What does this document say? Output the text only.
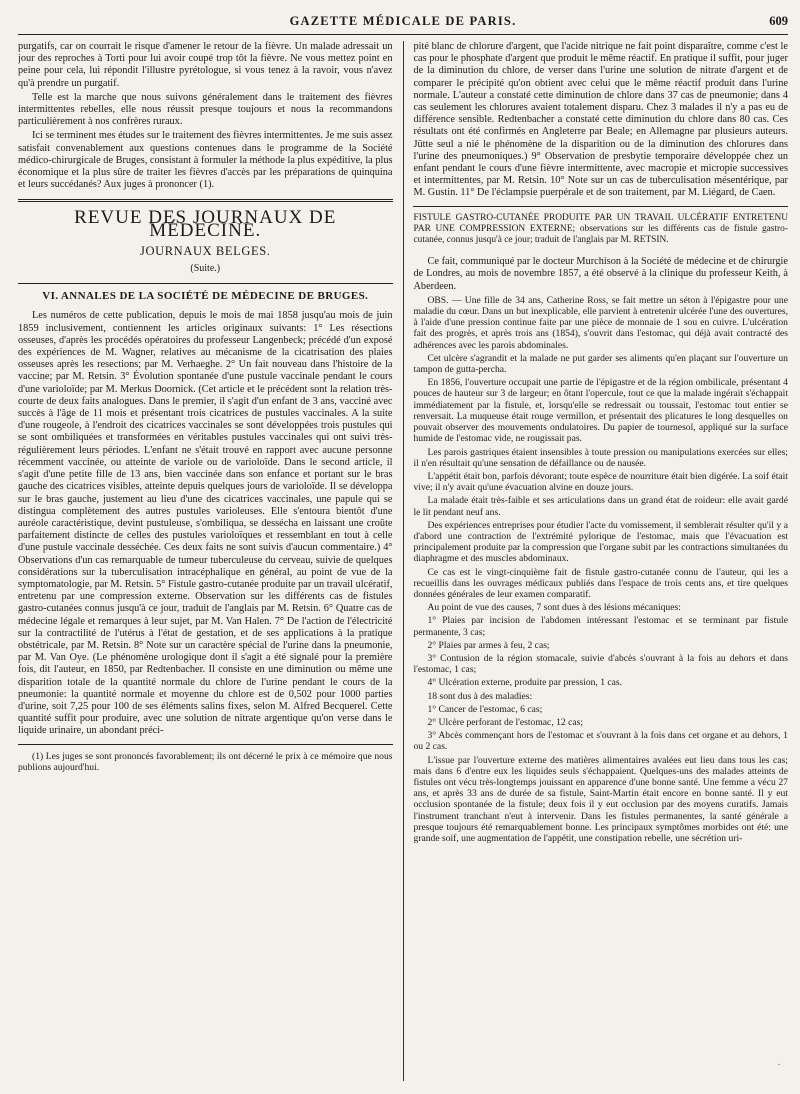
GAZETTE MÉDICALE DE PARIS.	609

purgatifs, car on courrait le risque d'amener le retour de la fièvre. Un malade adressait un jour des reproches à Torti pour lui avoir coupé trop tôt la fièvre. Ne vous mettez point en peine pour cela, lui répondit l'illustre pyrétologue, si vous tenez à la ravoir, vous n'avez qu'à prendre un purgatif.

Telle est la marche que nous suivons généralement dans le traitement des fièvres intermittentes rebelles, elle nous réussit presque toujours et nous la recommandons particulièrement à nos confrères ruraux.

Ici se terminent mes études sur le traitement des fièvres intermittentes. Je me suis assez satisfait convenablement aux questions contenues dans le programme de la Société médico-chirurgicale de Bruges, consistant à formuler la méthode la plus expéditive, la plus économique et la plus sûre de traiter les fièvres d'accès par les préparations de quinquina et leurs succédanés? Aux juges à prononcer (1).

REVUE DES JOURNAUX DE MÉDECINE.
JOURNAUX BELGES.
(Suite.)
VI. ANNALES DE LA SOCIÉTÉ DE MÉDECINE DE BRUGES.

Les numéros de cette publication, depuis le mois de mai 1858 jusqu'au mois de juin 1859 inclusivement, contiennent les articles originaux suivants: 1° Les résections osseuses, d'après les procédés opératoires du professeur Langenbeck; précédé d'un exposé des expériences de M. Wagner, relatives au mécanisme de la cicatrisation des plaies osseuses après les resections; par M. Verhaeghe. 2° Un fait nouveau dans l'histoire de la vaccine; par M. Retsin. 3° Évolution spontanée d'une pustule vaccinale pendant le cours d'une varioloïde; par M. Merkus Doornick. (Cet article et le précédent sont la relation très-courte de deux faits analogues. Dans le premier, il s'agit d'un enfant de 3 ans, vacciné avec succès à l'âge de 11 mois et présentant trois cicatrices de pustules vaccinales. A la suite d'une rougeole, à l'endroit des cicatrices vaccinales se sont développées trois pustules qui se sont ombiliquées et transformées en véritables pustules vaccinales qui ont suivi très-régulièrement leurs périodes. L'enfant ne s'était trouvé en rapport avec aucune personne récemment vaccinée, ou atteinte de variole ou de varioloïde. Dans le second article, il s'agit d'une petite fille de 13 ans, bien vaccinée dans son enfance et portant sur le bras gauche des cicatrices visibles, atteinte depuis quelques jours de varioloïde. Il se développa sur le bras gauche, justement au lieu d'une des cicatrices vaccinales, une papule qui se distingua complètement des autres pustules varioleuses. Elle s'entoura bientôt d'une auréole caractéristique, devint pustuleuse, s'ombiliqua, se dessécha en laissant une croûte parfaitement distincte de celles des pustules varioloïques et ressemblant en tout à celle d'une pustule vaccinale desséchée. Ces deux faits ne sont suivis d'aucun commentaire.) 4° Observations d'un cas remarquable de tumeur tuberculeuse du cerveau, suivie de quelques considérations sur la tuberculisation intracéphalique en général, au point de vue de la symptomatologie, par M. Retsin. 5° Fistule gastro-cutanée produite par un travail ulcératif, entretenu par une compression externe. Observation sur les différents cas de fistules gastro-cutanées connus jusqu'à ce jour, traduit de l'anglais par M. Retsin. 6° Quatre cas de médecine légale et remarques à leur sujet, par M. Van Halen. 7° De l'action de l'électricité sur la contractilité de l'utérus à l'état de gestation, et de ses applications à la pratique obstétricale, par M. Retsin. 8° Note sur un caractère spécial de l'urine dans la pneumonie, par M. Van Oye. (Le phénomène urologique dont il s'agit a été signalé pour la première fois, dit l'auteur, en 1850, par Redtenbacher. Il consiste en une diminution ou même une disparition totale de la quantité normale du chlore de l'urine pendant le cours de la pneumonie: la quantité normale et moyenne du chlore est de 0,502 pour 1000 parties d'urine, soit 7,25 pour 100 de ses éléments salins fixes, selon M. Alfred Becquerel. Cette quantité suffit pour produire, avec une solution de nitrate argentique qu'on verse dans le liquide urinaire, un abondant préci-

(1) Les juges se sont prononcés favorablement; ils ont décerné le prix à ce mémoire que nous publions aujourd'hui.

pité blanc de chlorure d'argent, que l'acide nitrique ne fait point disparaître, comme c'est le cas pour le phosphate d'argent que produit le même réactif. En pratique il suffit, pour juger de la diminution du chlore, de verser dans l'urine une solution de nitrate d'argent et de comparer le précipité qu'on obtient avec celui que le même réactif produit dans l'urine normale. L'auteur a constaté cette diminution de chlore dans 37 cas de pneumonie; dans 4 cas seulement les chlorures avaient totalement disparu. Chez 3 malades il n'y a pas eu de différence sensible. Redtenbacher a constaté cette diminution du chlore dans 80 cas. Ces résultats ont été confirmés en Angleterre par Beale; en Allemagne par plusieurs auteurs. Jütte seul a nié le phénomène de la disparition ou de la diminution des chlorures dans l'urine des pneumoniques.) 9° Observation de presbytie temporaire développée chez un enfant pendant le cours d'une fièvre intermittente, avec macropie et micropie successives et intermittentes, par M. Retsin. 10° Note sur un cas de tuberculisation mésentérique, par M. Gustin. 11° De l'éclampsie puerpérale et de son traitement, par M. Liégard, de Caen.

FISTULE GASTRO-CUTANÉE PRODUITE PAR UN TRAVAIL ULCÉRATIF ENTRETENU PAR UNE COMPRESSION EXTERNE; observations sur les différents cas de fistule gastro-cutanée, connus jusqu'à ce jour; traduit de l'anglais par M. RETSIN.

Ce fait, communiqué par le docteur Murchison à la Société de médecine et de chirurgie de Londres, au mois de novembre 1857, a été observé à la clinique du professeur Keith, à Aberdeen.

OBS. — Une fille de 34 ans, Catherine Ross, se fait mettre un séton à l'épigastre pour une maladie du cœur. Dans un but inexplicable, elle parvient à entretenir ulcérée l'une des ouvertures, à l'aide d'une pression continue faite par une pièce de monnaie de 1 sou en cuivre. L'ulcération fait des progrès, et après trois ans (1854), s'ouvrit dans l'estomac, qui déjà avait contracté des adhérences avec les parois abdominales.

Cet ulcère s'agrandit et la malade ne put garder ses aliments qu'en plaçant sur l'ouverture un tampon de gutta-percha.

En 1856, l'ouverture occupait une partie de l'épigastre et de la région ombilicale, présentant 4 pouces de hauteur sur 3 de largeur; en ôtant l'opercule, tout ce que la malade ingérait s'échappait immédiatement par la fistule, et, lorsqu'elle se redressait ou toussait, l'estomac tout entier se renversait. La muqueuse était rouge vermillon, et présentait des plicatures le long desquelles on pouvait observer des mouvements ondulatoires. Du papier de tournesol, appliqué sur la surface humide de l'estomac vide, ne rougissait pas.

Les parois gastriques étaient insensibles à toute pression ou manipulations exercées sur elles; il n'en résultait qu'une sensation de défaillance ou de nausée.

L'appétit était bon, parfois dévorant; toute espèce de nourriture était bien digérée. La soif était vive; il n'y avait qu'une évacuation alvine en douze jours.

La malade était très-faible et ses articulations dans un grand état de roideur: elle avait gardé le lit pendant neuf ans.

Des expériences entreprises pour étudier l'acte du vomissement, il semblerait résulter qu'il y a d'abord une contraction de l'extrémité pylorique de l'estomac, mais que l'évacuation est principalement produite par la compression que l'organe subit par les contractions simultanées du diaphragme et des muscles abdominaux.

Ce cas est le vingt-cinquième fait de fistule gastro-cutanée connu de l'auteur, qui les a recueillis dans les ouvrages médicaux publiés dans l'espace de trois cents ans, et tire quelques données générales de leur examen comparatif.

Au point de vue des causes, 7 sont dues à des lésions mécaniques:

1° Plaies par incision de l'abdomen intéressant l'estomac et se terminant par fistule permanente, 3 cas;

2° Plaies par armes à feu, 2 cas;

3° Contusion de la région stomacale, suivie d'abcès s'ouvrant à la fois au dehors et dans l'estomac, 1 cas;

4° Ulcération externe, produite par pression, 1 cas.

18 sont dus à des maladies:

1° Cancer de l'estomac, 6 cas;

2° Ulcère perforant de l'estomac, 12 cas;

3° Abcès commençant hors de l'estomac et s'ouvrant à la fois dans cet organe et au dehors, 1 ou 2 cas.

L'issue par l'ouverture externe des matières alimentaires avalées eut lieu dans tous les cas; mais dans 6 d'entre eux les liquides seuls s'échappaient. Quelques-uns des malades atteints de fistules ont vécu très-longtemps jouissant en apparence d'une bonne santé. Une femme a vécu 27 ans, et après 33 ans de durée de sa fistule, Saint-Martin était encore en bonne santé. Il y eut occlusion spontanée de la fistule; deux fois il y eut occlusion par des moyens curatifs. Jamais l'instrument tranchant n'eut à intervenir. Dans les fistules permanentes, la santé générale a presque toujours été remarquablement bonne. Les principaux symptômes morbides ont été: une grande soif, une augmentation de l'appétit, une constipation rebelle, une sécrétion uri-

·
